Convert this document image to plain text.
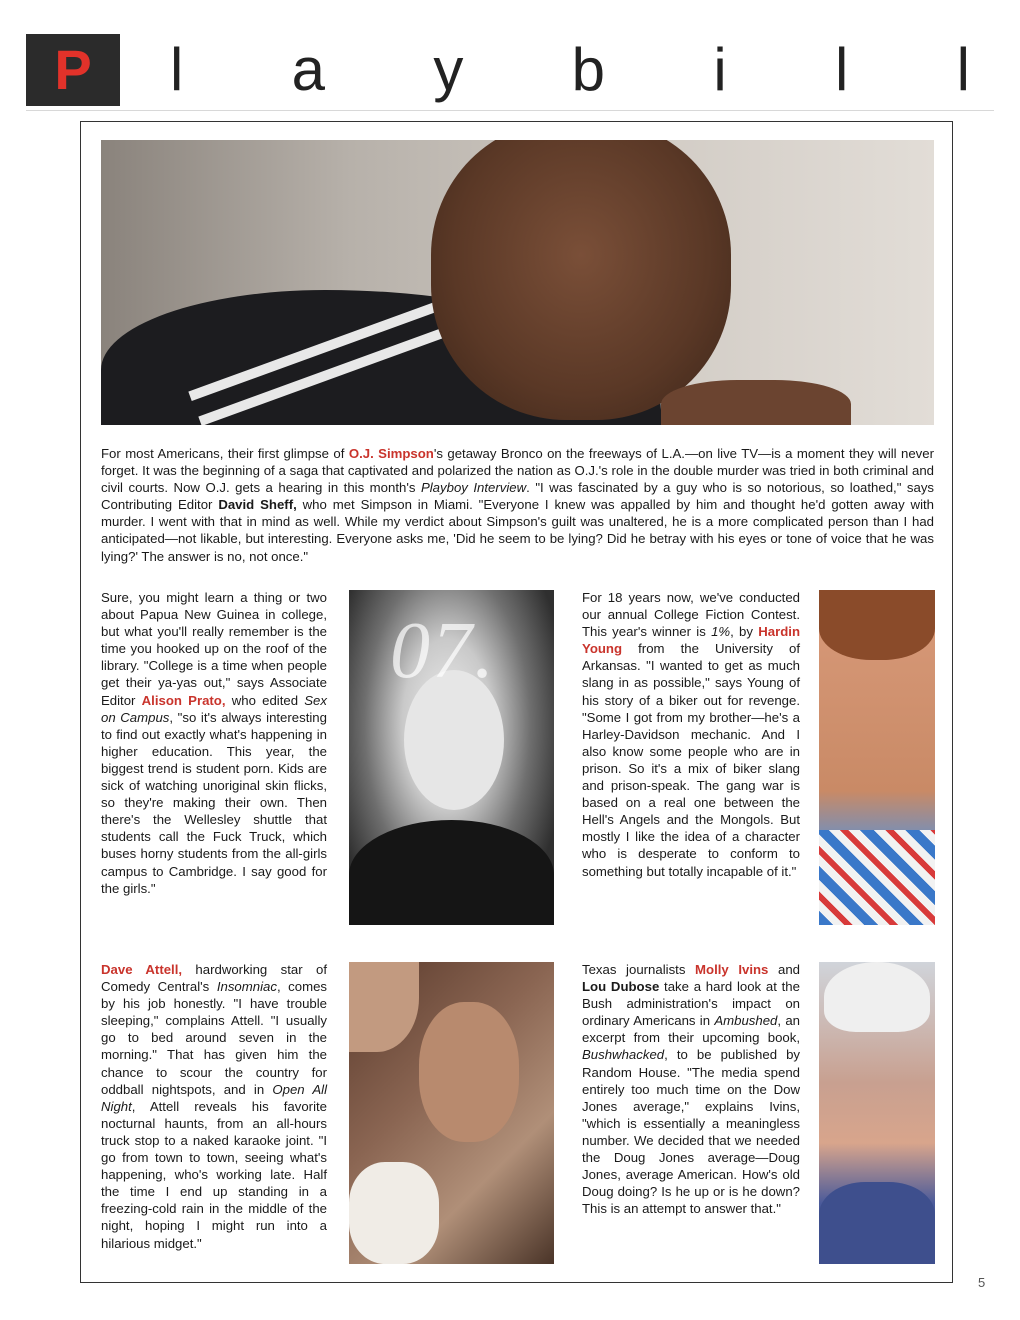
P	l a y b i l l
07.
For most Americans, their first glimpse of O.J. Simpson's getaway Bronco on the freeways of L.A.—on live TV—is a moment they will never forget. It was the beginning of a saga that captivated and polarized the nation as O.J.'s role in the double murder was tried in both criminal and civil courts. Now O.J. gets a hearing in this month's Playboy Interview. "I was fascinated by a guy who is so notorious, so loathed," says Contributing Editor David Sheff, who met Simpson in Miami. "Everyone I knew was appalled by him and thought he'd gotten away with murder. I went with that in mind as well. While my verdict about Simpson's guilt was unaltered, he is a more complicated person than I had anticipated—not likable, but interesting. Everyone asks me, 'Did he seem to be lying? Did he betray with his eyes or tone of voice that he was lying?' The answer is no, not once."
Sure, you might learn a thing or two about Papua New Guinea in college, but what you'll really remember is the time you hooked up on the roof of the library. "College is a time when people get their ya-yas out," says Associate Editor Alison Prato, who edited Sex on Campus, "so it's always interesting to find out exactly what's happening in higher education. This year, the biggest trend is student porn. Kids are sick of watching unoriginal skin flicks, so they're making their own. Then there's the Wellesley shuttle that students call the Fuck Truck, which buses horny students from the all-girls campus to Cambridge. I say good for the girls."
For 18 years now, we've conducted our annual College Fiction Contest. This year's winner is 1%, by Hardin Young from the University of Arkansas. "I wanted to get as much slang in as possible," says Young of his story of a biker out for revenge. "Some I got from my brother—he's a Harley-Davidson mechanic. And I also know some people who are in prison. So it's a mix of biker slang and prison-speak. The gang war is based on a real one between the Hell's Angels and the Mongols. But mostly I like the idea of a character who is desperate to conform to something but totally incapable of it."
Dave Attell, hardworking star of Comedy Central's Insomniac, comes by his job honestly. "I have trouble sleeping," complains Attell. "I usually go to bed around seven in the morning." That has given him the chance to scour the country for oddball nightspots, and in Open All Night, Attell reveals his favorite nocturnal haunts, from an all-hours truck stop to a naked karaoke joint. "I go from town to town, seeing what's happening, who's working late. Half the time I end up standing in a freezing-cold rain in the middle of the night, hoping I might run into a hilarious midget."
Texas journalists Molly Ivins and Lou Dubose take a hard look at the Bush administration's impact on ordinary Americans in Ambushed, an excerpt from their upcoming book, Bushwhacked, to be published by Random House. "The media spend entirely too much time on the Dow Jones average," explains Ivins, "which is essentially a meaningless number. We decided that we needed the Doug Jones average—Doug Jones, average American. How's old Doug doing? Is he up or is he down? This is an attempt to answer that."
5
